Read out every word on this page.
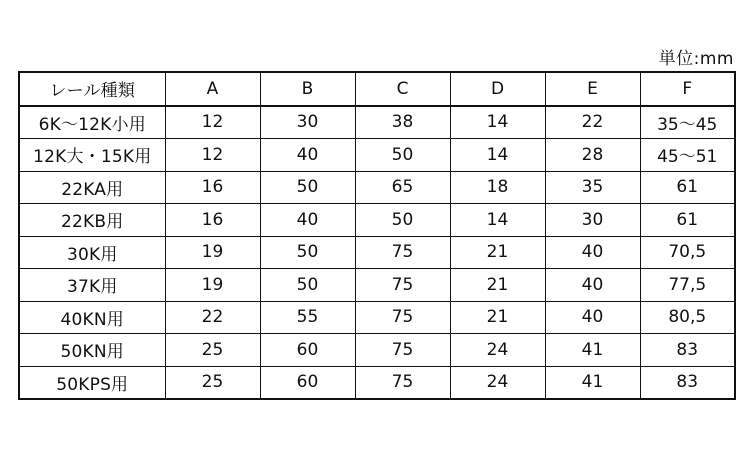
単位:mm
レール種類	A	B	C	D	E	F
6K〜12K小用	12	30	38	14	22	35〜45
12K大・15K用	12	40	50	14	28	45〜51
22KA用	16	50	65	18	35	61
22KB用	16	40	50	14	30	61
30K用	19	50	75	21	40	70,5
37K用	19	50	75	21	40	77,5
40KN用	22	55	75	21	40	80,5
50KN用	25	60	75	24	41	83
50KPS用	25	60	75	24	41	83
